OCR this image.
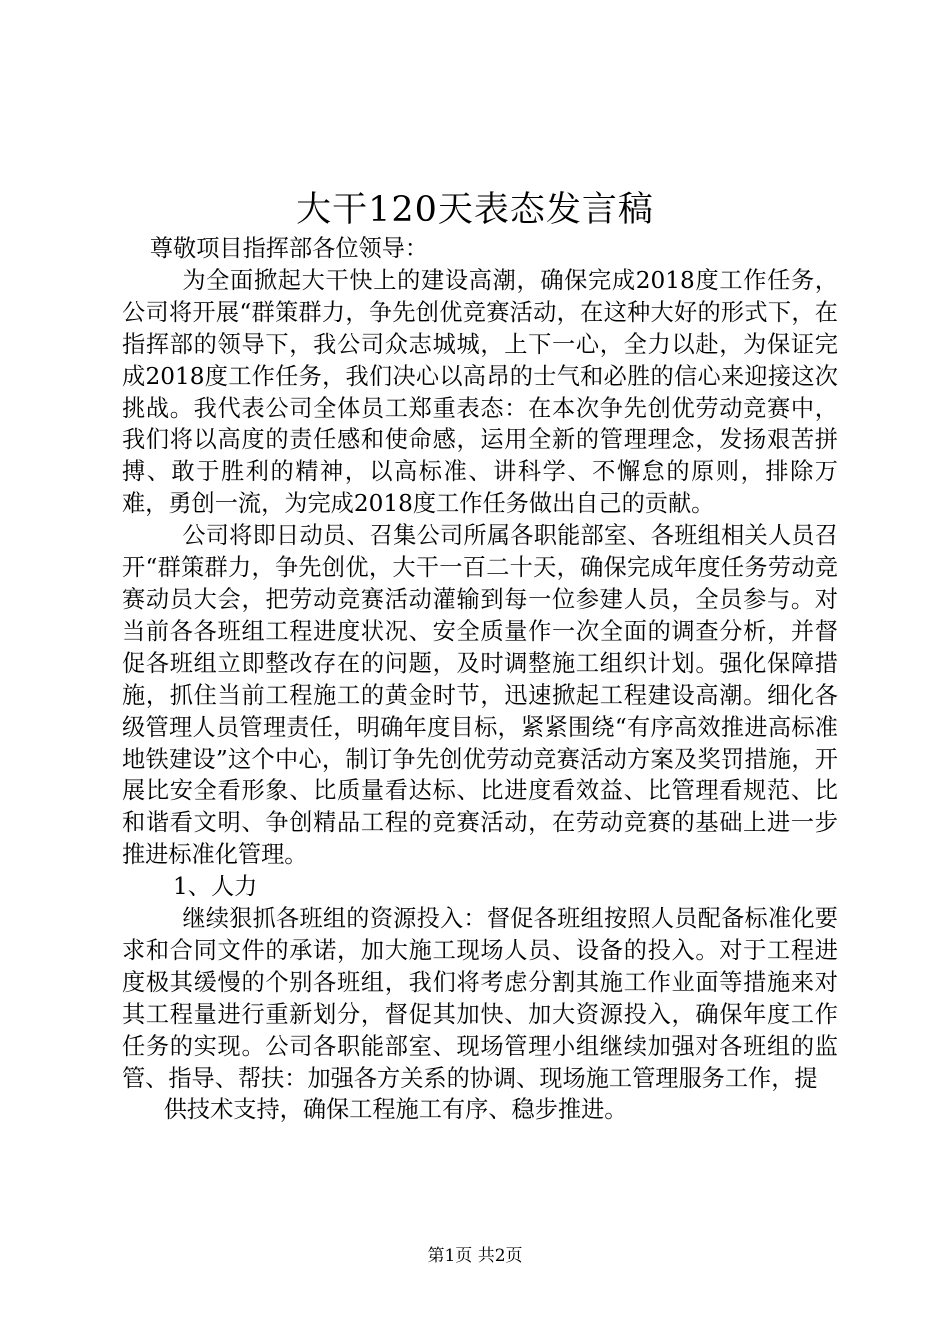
大干120天表态发言稿

尊敬项目指挥部各位领导：

为全面掀起大干快上的建设高潮，确保完成2018度工作任务，公司将开展“群策群力，争先创优竞赛活动，在这种大好的形式下，在指挥部的领导下，我公司众志城城，上下一心，全力以赴，为保证完成2018度工作任务，我们决心以高昂的士气和必胜的信心来迎接这次挑战。我代表公司全体员工郑重表态：在本次争先创优劳动竞赛中，我们将以高度的责任感和使命感，运用全新的管理理念，发扬艰苦拼搏、敢于胜利的精神，以高标准、讲科学、不懈怠的原则，排除万难，勇创一流，为完成2018度工作任务做出自己的贡献。

公司将即日动员、召集公司所属各职能部室、各班组相关人员召开“群策群力，争先创优，大干一百二十天，确保完成年度任务劳动竞赛动员大会，把劳动竞赛活动灌输到每一位参建人员，全员参与。对当前各各班组工程进度状况、安全质量作一次全面的调查分析，并督促各班组立即整改存在的问题，及时调整施工组织计划。强化保障措施，抓住当前工程施工的黄金时节，迅速掀起工程建设高潮。细化各级管理人员管理责任，明确年度目标，紧紧围绕“有序高效推进高标准地铁建设”这个中心，制订争先创优劳动竞赛活动方案及奖罚措施，开展比安全看形象、比质量看达标、比进度看效益、比管理看规范、比和谐看文明、争创精品工程的竞赛活动，在劳动竞赛的基础上进一步推进标准化管理。

1、人力

继续狠抓各班组的资源投入：督促各班组按照人员配备标准化要求和合同文件的承诺，加大施工现场人员、设备的投入。对于工程进度极其缓慢的个别各班组，我们将考虑分割其施工作业面等措施来对其工程量进行重新划分，督促其加快、加大资源投入，确保年度工作任务的实现。公司各职能部室、现场管理小组继续加强对各班组的监管、指导、帮扶：加强各方关系的协调、现场施工管理服务工作，提

供技术支持，确保工程施工有序、稳步推进。

第1页 共2页
